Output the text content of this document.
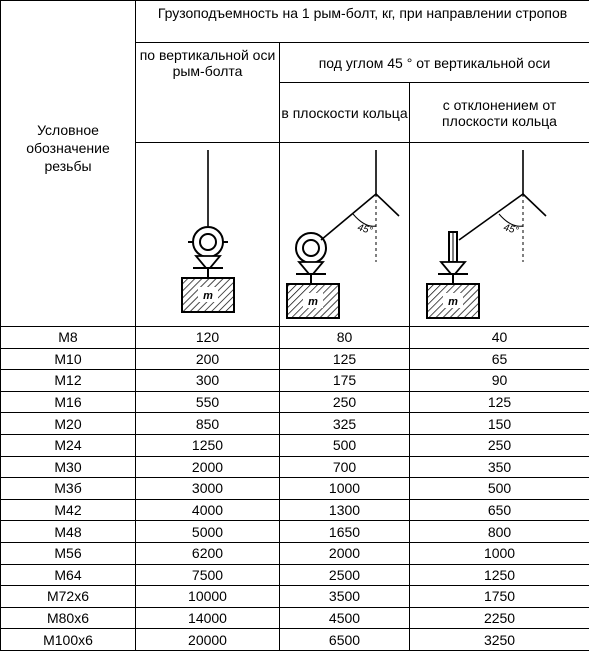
Условное обозначение резьбы	Грузоподъемность на 1 рым-болт, кг, при направлении стропов		
	по вертикальной оси рым-болта	под углом 45 ° от вертикальной оси	
		в плоскости кольца	с отклонением от плоскости кольца

m	45°
m	45°
m

М8	120	80	40
М10	200	125	65
М12	300	175	90
М16	550	250	125
М20	850	325	150
М24	1250	500	250
М30	2000	700	350
М3б	3000	1000	500
М42	4000	1300	650
М48	5000	1650	800
М56	6200	2000	1000
М64	7500	2500	1250
М72х6	10000	3500	1750
М80х6	14000	4500	2250
М100х6	20000	6500	3250
